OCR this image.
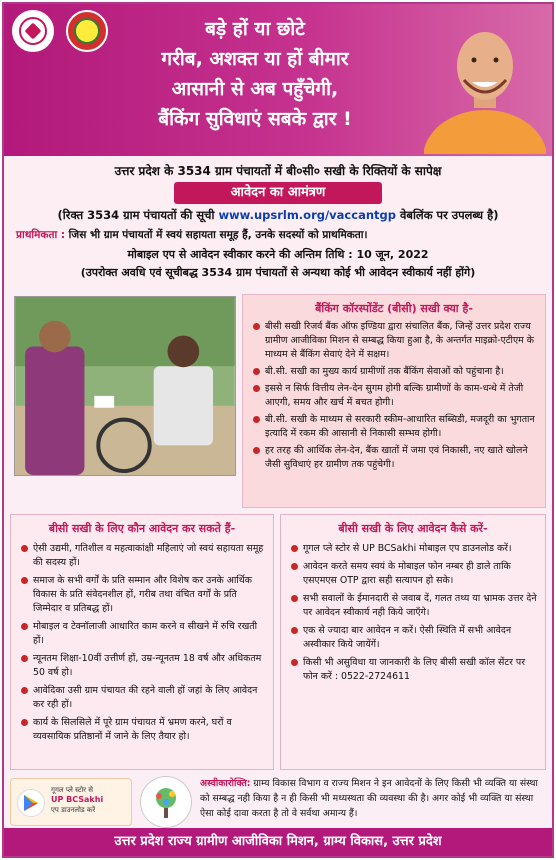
बड़े हों या छोटे
गरीब, अशक्त या हों बीमार
आसानी से अब पहुँचेगी,
बैंकिंग सुविधाएं सबके द्वार !
उत्तर प्रदेश के 3534 ग्राम पंचायतों में बी०सी० सखी के रिक्तियों के सापेक्ष
आवेदन का आमंत्रण
(रिक्त 3534 ग्राम पंचायतों की सूची www.upsrlm.org/vaccantgp वेबलिंक पर उपलब्ध है)
प्राथमिकता : जिस भी ग्राम पंचायतों में स्वयं सहायता समूह हैं, उनके सदस्यों को प्राथमिकता।
मोबाइल एप से आवेदन स्वीकार करने की अन्तिम तिथि : 10 जून, 2022
(उपरोक्त अवधि एवं सूचीबद्ध 3534 ग्राम पंचायतों से अन्यथा कोई भी आवेदन स्वीकार्य नहीं होंगे)
बैंकिंग कॉरस्पोंडेंट (बीसी) सखी क्या है-
बीसी सखी रिजर्व बैंक ऑफ इण्डिया द्वारा संचालित बैंक, जिन्हें उत्तर प्रदेश राज्य ग्रामीण आजीविका मिशन से सम्बद्ध किया हुआ है, के अन्तर्गत माइक्रो-एटीएम के माध्यम से बैंकिंग सेवाएं देने में सक्षम।
बी.सी. सखी का मुख्य कार्य ग्रामीणों तक बैंकिंग सेवाओं को पहुंचाना है।
इससे न सिर्फ वित्तीय लेन-देन सुगम होगी बल्कि ग्रामीणों के काम-धन्धे में तेजी आएगी, समय और खर्च में बचत होगी।
बी.सी. सखी के माध्यम से सरकारी स्कीम-आधारित सब्सिडी, मजदूरी का भुगतान इत्यादि में रकम की आसानी से निकासी सम्भव होगी।
हर तरह की आर्थिक लेन-देन, बैंक खातों में जमा एवं निकासी, नए खाते खोलने जैसी सुविधाएं हर ग्रामीण तक पहुंचेगी।
बीसी सखी के लिए कौन आवेदन कर सकते हैं-
ऐसी उद्यमी, गतिशील व महत्वाकांक्षी महिलाएं जो स्वयं सहायता समूह की सदस्य हों।
समाज के सभी वर्गों के प्रति सम्मान और विशेष कर उनके आर्थिक विकास के प्रति संवेदनशील हों, गरीब तथा वंचित वर्गों के प्रति जिम्मेदार व प्रतिबद्ध हों।
मोबाइल व टेक्नॉलाजी आधारित काम करने व सीखने में रुचि रखती हों।
न्यूनतम शिक्षा-10वीं उत्तीर्ण हों, उम्र-न्यूनतम 18 वर्ष और अधिकतम 50 वर्ष हो।
आवेदिका उसी ग्राम पंचायत की रहने वाली हों जहां के लिए आवेदन कर रही हों।
कार्य के सिलसिले में पूरे ग्राम पंचायत में भ्रमण करने, घरों व व्यवसायिक प्रतिष्ठानों में जाने के लिए तैयार हो।
बीसी सखी के लिए आवेदन कैसे करें-
गूगल प्ले स्टोर से UP BCSakhi मोबाइल एप डाउनलोड करें।
आवेदन करते समय स्वयं के मोबाइल फोन नम्बर ही डाले ताकि एसएमएस OTP द्वारा सही सत्यापन हो सके।
सभी सवालों के ईमानदारी से जवाब दें, गलत तथ्य या भ्रामक उत्तर देने पर आवेदन स्वीकार्य नही किये जाएँगे।
एक से ज्यादा बार आवेदन न करें। ऐसी स्थिति में सभी आवेदन अस्वीकार किये जायेंगें।
किसी भी असुविधा या जानकारी के लिए बीसी सखी कॉल सेंटर पर फोन करें : 0522-2724611
गूगल प्ले स्टोर से
UP BCSakhi
एप डाउनलोड करें
अस्वीकारोक्ति: ग्राम्य विकास विभाग व राज्य मिशन ने इन आवेदनों के लिए किसी भी व्यक्ति या संस्था को सम्बद्ध नही किया है न ही किसी भी मध्यस्थता की व्यवस्था की है। अगर कोई भी व्यक्ति या संस्था ऐसा कोई दावा करता है तो वे सर्वथा अमान्य हैं।
उत्तर प्रदेश राज्य ग्रामीण आजीविका मिशन, ग्राम्य विकास, उत्तर प्रदेश
